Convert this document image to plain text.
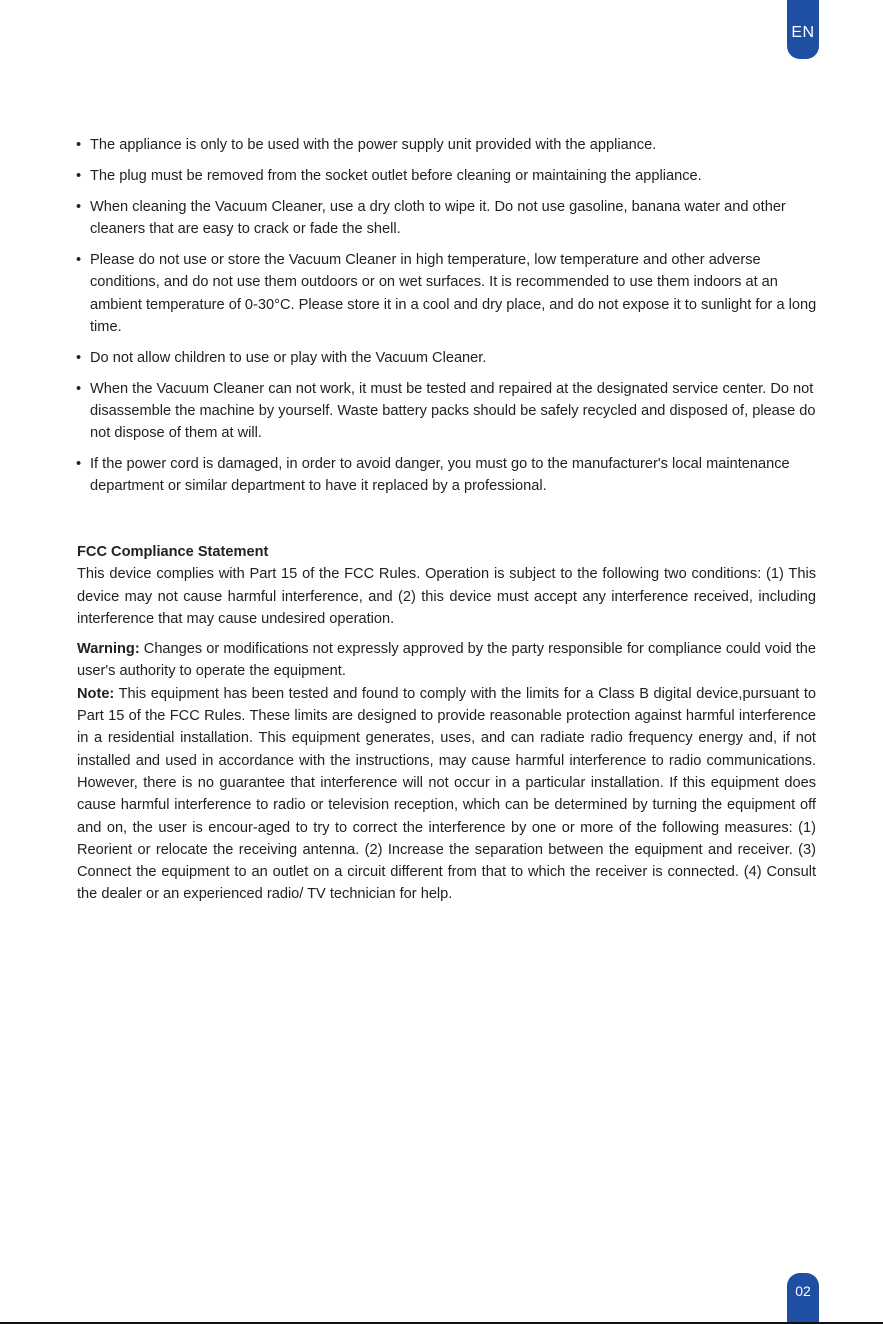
EN
• The appliance is only to be used with the power supply unit provided with the appliance.
• The plug must be removed from the socket outlet before cleaning or maintaining the appliance.
• When cleaning the Vacuum Cleaner, use a dry cloth to wipe it. Do not use gasoline, banana water and other cleaners that are easy to crack or fade the shell.
• Please do not use or store the Vacuum Cleaner in high temperature, low temperature and other adverse conditions, and do not use them outdoors or on wet surfaces. It is recommended to use them indoors at an ambient temperature of 0-30°C. Please store it in a cool and dry place, and do not expose it to sunlight for a long time.
• Do not allow children to use or play with the Vacuum Cleaner.
• When the Vacuum Cleaner can not work, it must be tested and repaired at the designated service center. Do not disassemble the machine by yourself. Waste battery packs should be safely recycled and disposed of, please do not dispose of them at will.
• If the power cord is damaged, in order to avoid danger, you must go to the manufacturer's local maintenance department or similar department to have it replaced by a professional.

FCC Compliance Statement

This device complies with Part 15 of the FCC Rules. Operation is subject to the following two conditions: (1) This device may not cause harmful interference, and (2) this device must accept any interference received, including interference that may cause undesired operation.

Warning: Changes or modifications not expressly approved by the party responsible for compliance could void the user's authority to operate the equipment.

Note: This equipment has been tested and found to comply with the limits for a Class B digital device,pursuant to Part 15 of the FCC Rules. These limits are designed to provide reasonable protection against harmful interference in a residential installation. This equipment generates, uses, and can radiate radio frequency energy and, if not installed and used in accordance with the instructions, may cause harmful interference to radio communications. However, there is no guarantee that interference will not occur in a particular installation. If this equipment does cause harmful interference to radio or television reception, which can be determined by turning the equipment off and on, the user is encour-aged to try to correct the interference by one or more of the following measures: (1) Reorient or relocate the receiving antenna. (2) Increase the separation between the equipment and receiver. (3) Connect the equipment to an outlet on a circuit different from that to which the receiver is connected. (4) Consult the dealer or an experienced radio/ TV technician for help.

02
